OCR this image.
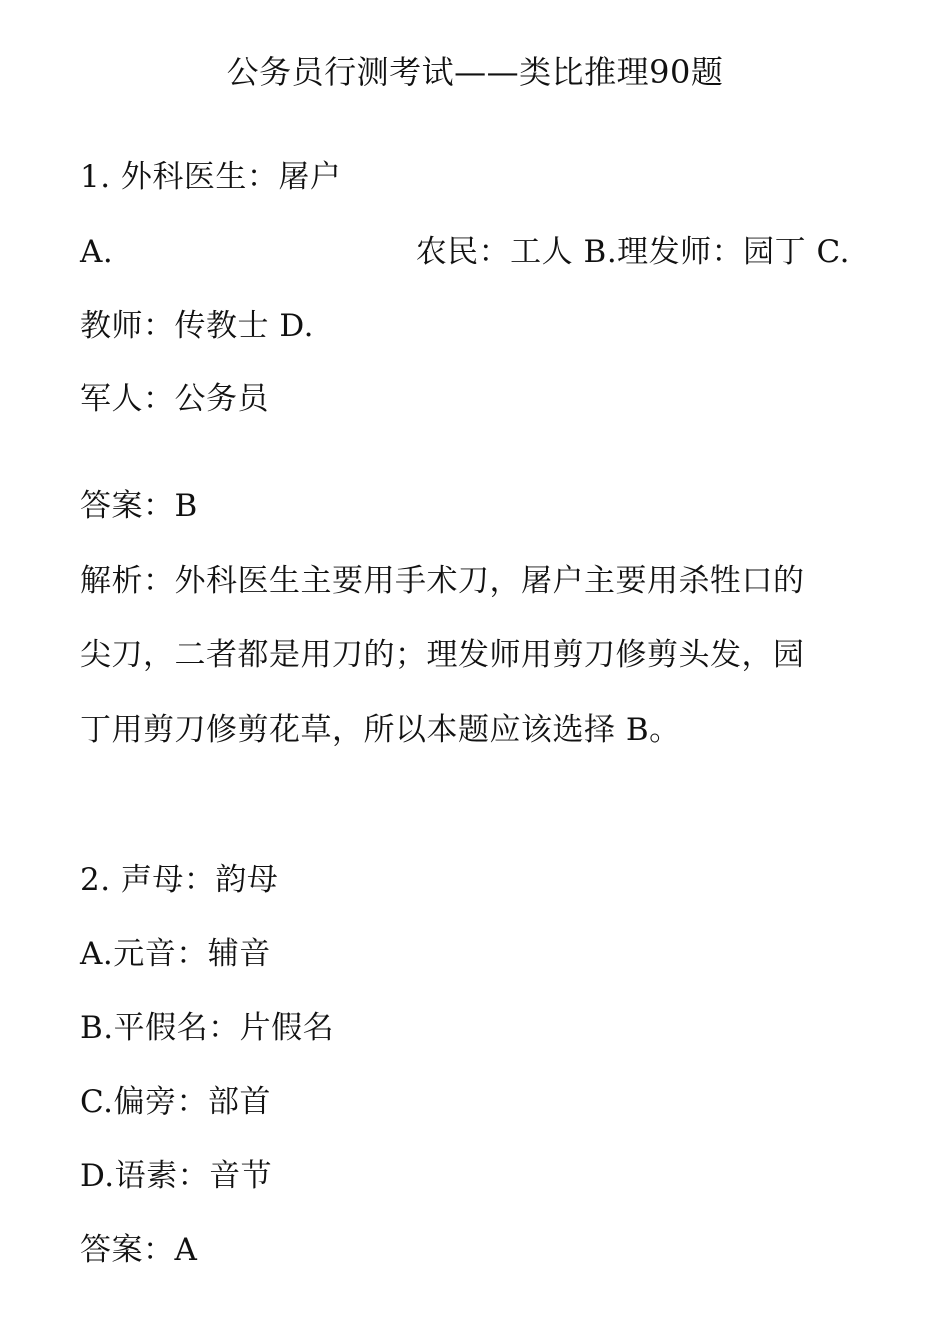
公务员行测考试——类比推理90题
1. 外科医生：屠户
A.	农民：工人 B.理发师：园丁 C.
教师：传教士 D.
军人：公务员
答案：B
解析：外科医生主要用手术刀，屠户主要用杀牲口的
尖刀，二者都是用刀的；理发师用剪刀修剪头发，园
丁用剪刀修剪花草，所以本题应该选择 B。
2. 声母：韵母
A.元音：辅音
B.平假名：片假名
C.偏旁：部首
D.语素：音节
答案：A
